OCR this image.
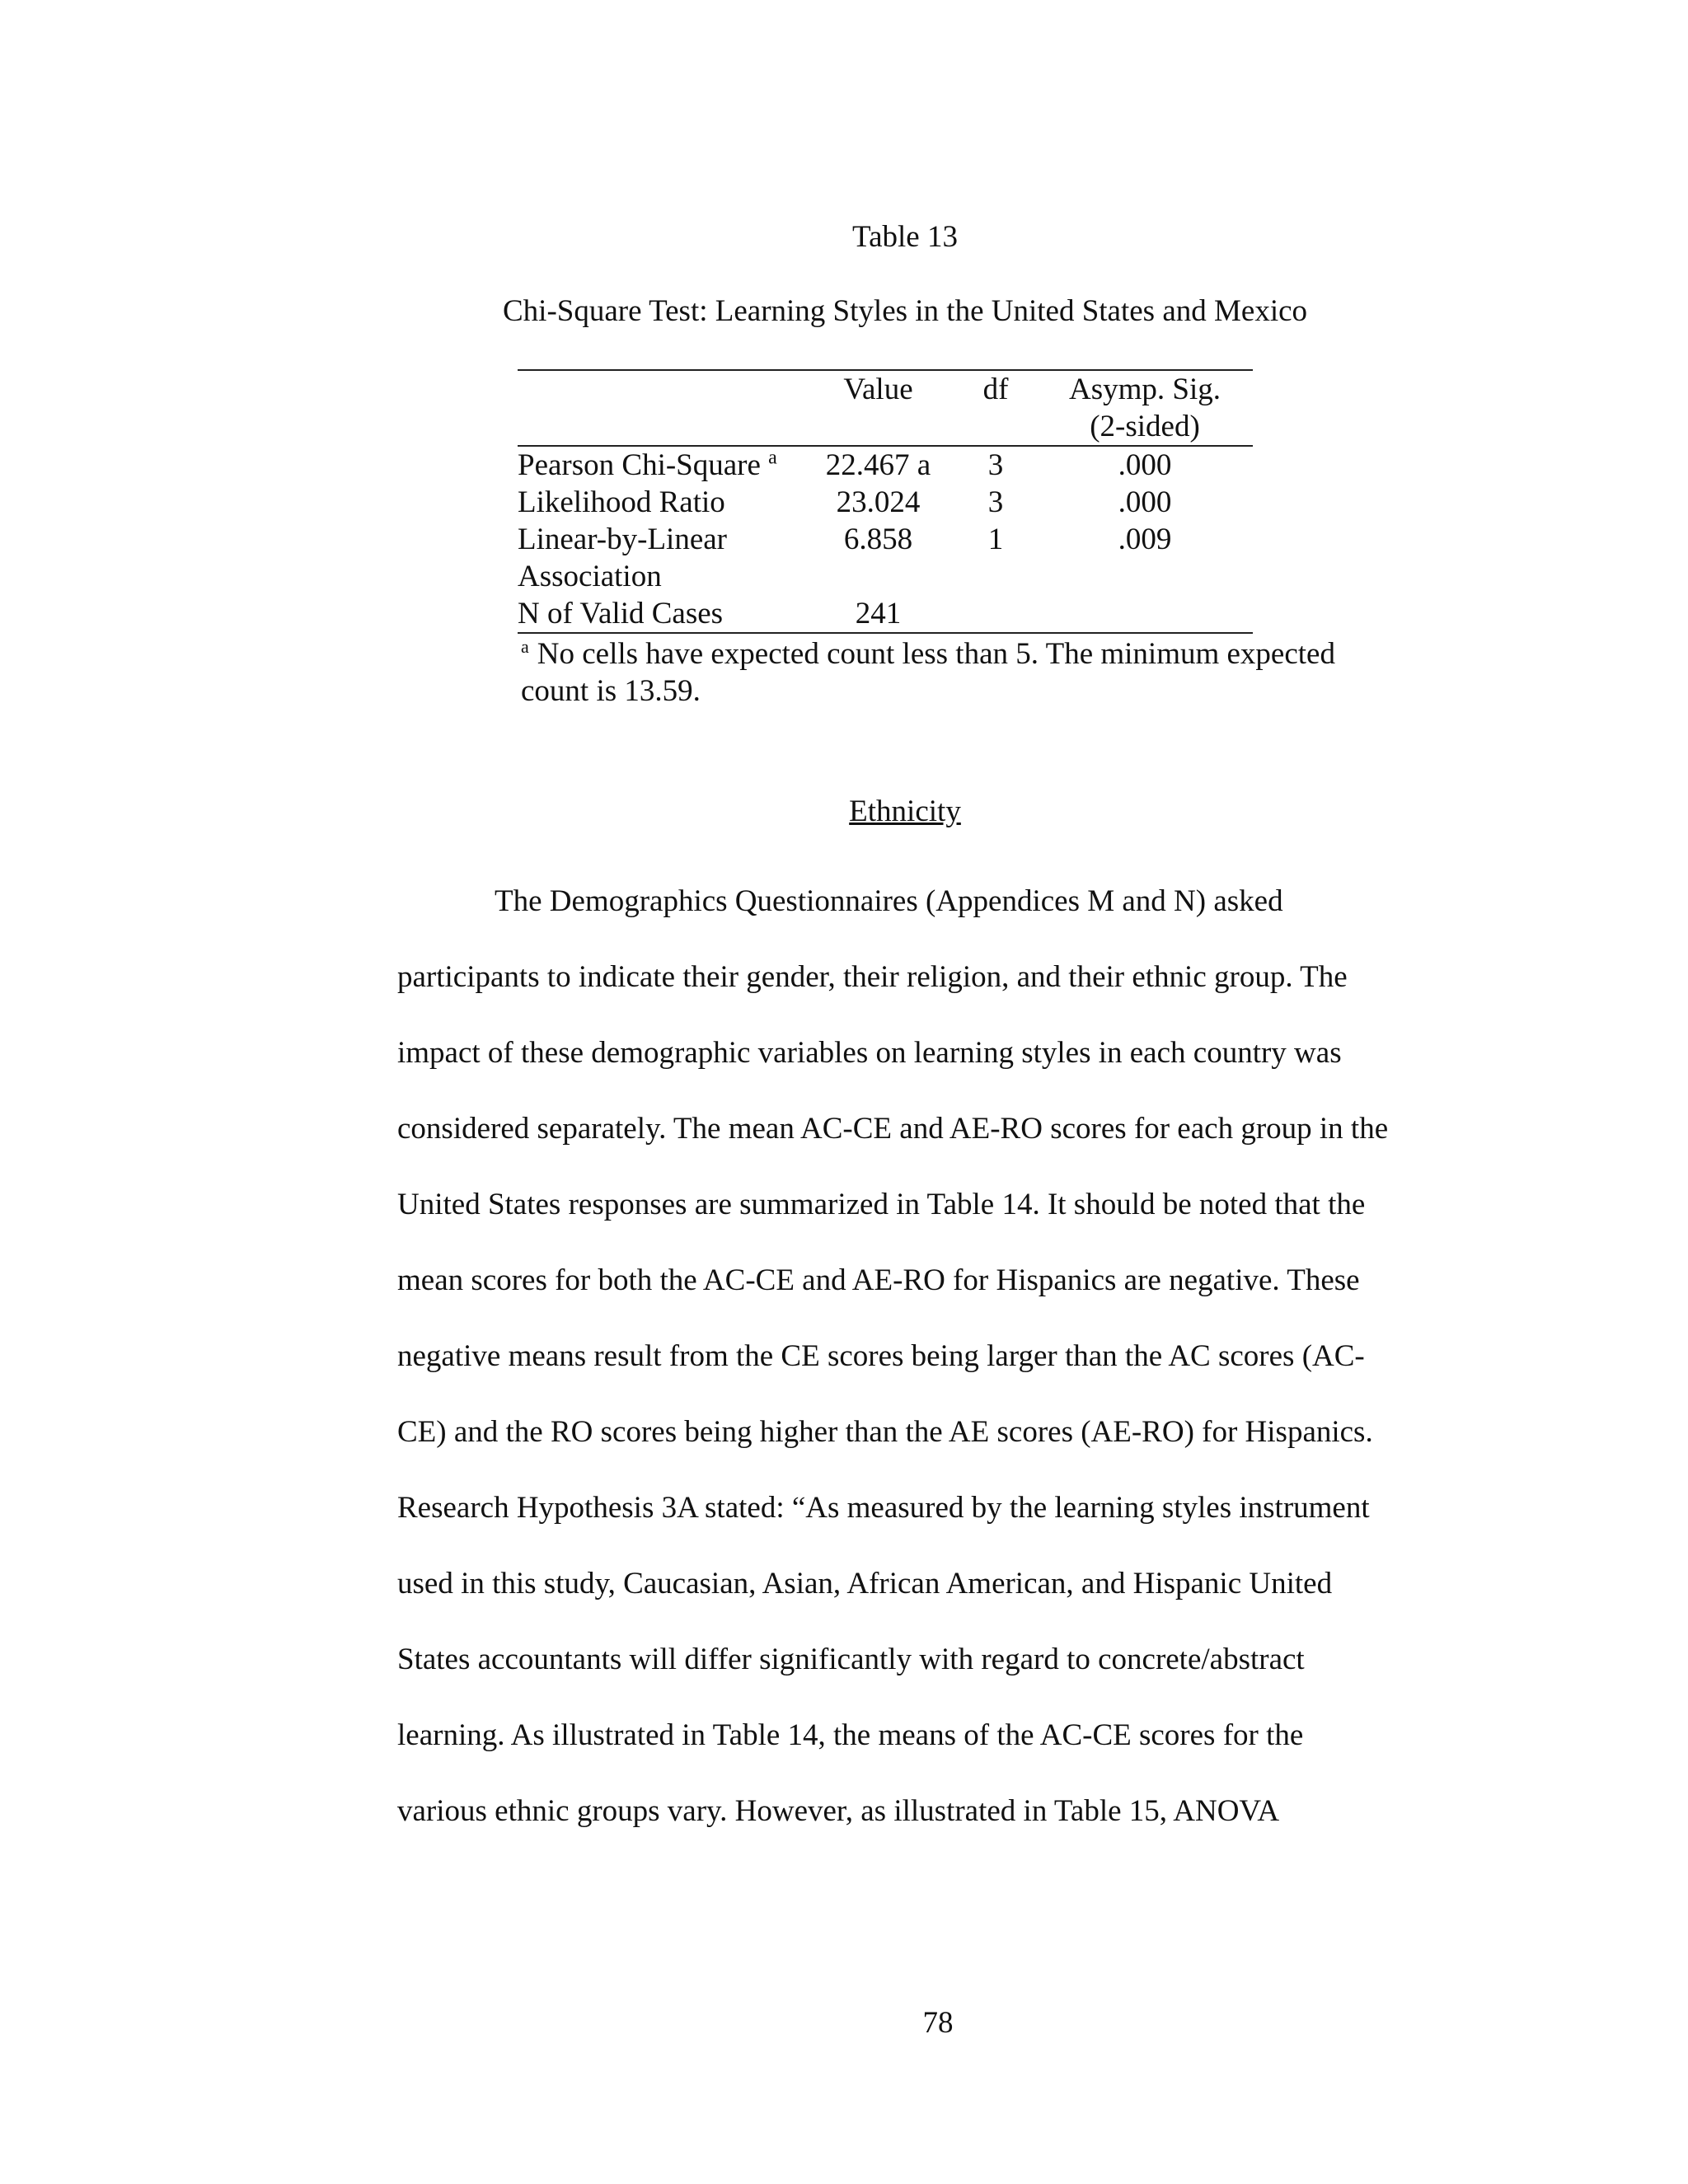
Table 13
Chi-Square Test: Learning Styles in the United States and Mexico
	Value	df	Asymp. Sig.
			(2-sided)
Pearson Chi-Square $^a$	22.467 a	3	.000
Likelihood Ratio	23.024	3	.000
Linear-by-Linear	6.858	1	.009
Association			
N of Valid Cases	241		
$^a$ No cells have expected count less than 5. The minimum expected
count is 13.59.
Ethnicity
The Demographics Questionnaires (Appendices M and N) asked
participants to indicate their gender, their religion, and their ethnic group. The
impact of these demographic variables on learning styles in each country was
considered separately. The mean AC-CE and AE-RO scores for each group in the
United States responses are summarized in Table 14. It should be noted that the
mean scores for both the AC-CE and AE-RO for Hispanics are negative. These
negative means result from the CE scores being larger than the AC scores (AC-
CE) and the RO scores being higher than the AE scores (AE-RO) for Hispanics.
Research Hypothesis 3A stated: “As measured by the learning styles instrument
used in this study, Caucasian, Asian, African American, and Hispanic United
States accountants will differ significantly with regard to concrete/abstract
learning. As illustrated in Table 14, the means of the AC-CE scores for the
various ethnic groups vary. However, as illustrated in Table 15, ANOVA
78
